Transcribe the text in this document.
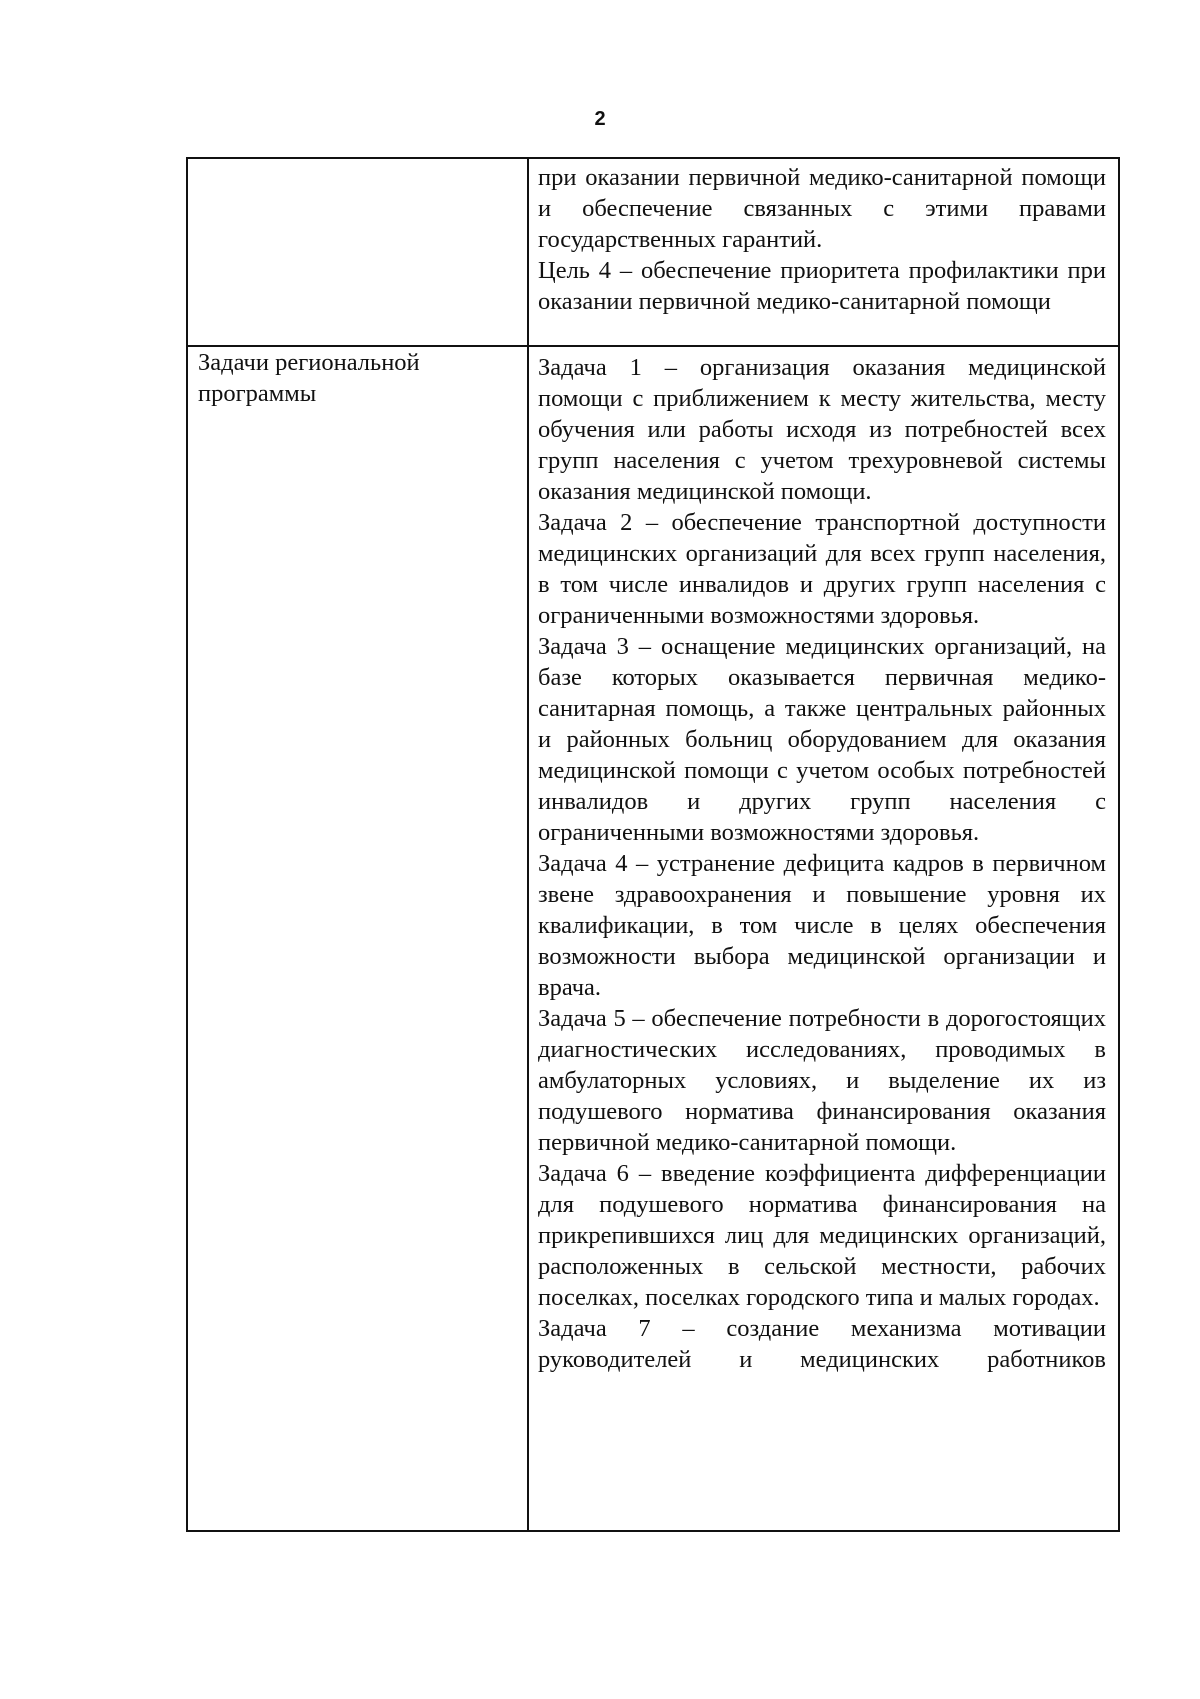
2

при оказании первичной медико-санитарной помощи и обеспечение связанных с этими правами государственных гарантий.

Цель 4 – обеспечение приоритета профилактики при оказании первичной медико-санитарной помощи

Задачи региональной программы

Задача 1 – организация оказания медицинской помощи с приближением к месту жительства, месту обучения или работы исходя из потребностей всех групп населения с учетом трехуровневой системы оказания медицинской помощи.

Задача 2 – обеспечение транспортной доступности медицинских организаций для всех групп населения, в том числе инвалидов и других групп населения с ограниченными возможностями здоровья.

Задача 3 – оснащение медицинских организаций, на базе которых оказывается первичная медико-санитарная помощь, а также центральных районных и районных больниц оборудованием для оказания медицинской помощи с учетом особых потребностей инвалидов и других групп населения с ограниченными возможностями здоровья.

Задача 4 – устранение дефицита кадров в первичном звене здравоохранения и повышение уровня их квалификации, в том числе в целях обеспечения возможности выбора медицинской организации и врача.

Задача 5 – обеспечение потребности в дорогостоящих диагностических исследованиях, проводимых в амбулаторных условиях, и выделение их из подушевого норматива финансирования оказания первичной медико-санитарной помощи.

Задача 6 – введение коэффициента дифференциации для подушевого норматива финансирования на прикрепившихся лиц для медицинских организаций, расположенных в сельской местности, рабочих поселках, поселках городского типа и малых городах.

Задача 7 – создание механизма мотивации руководителей и медицинских работников
